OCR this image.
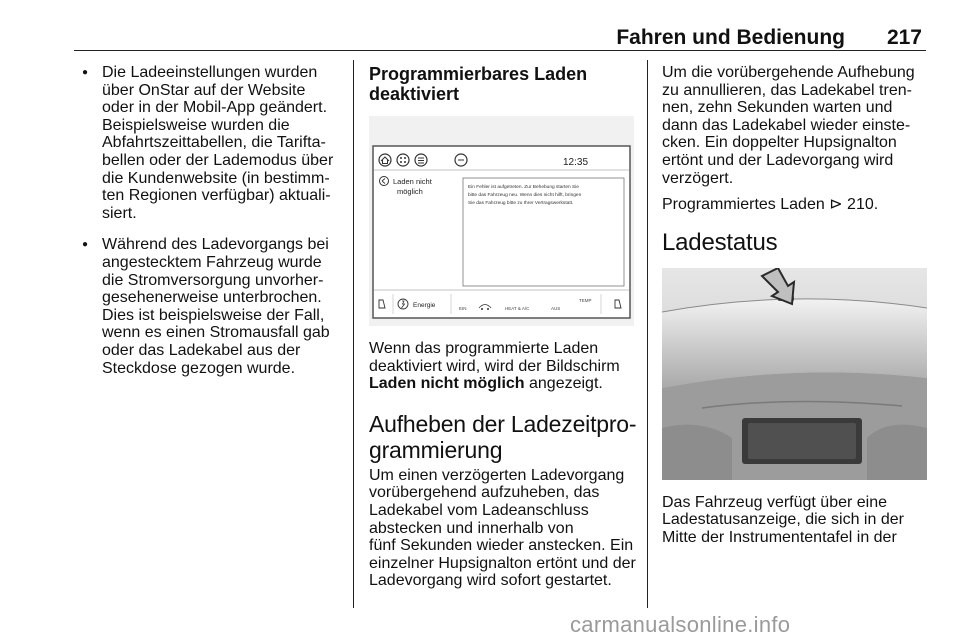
Fahren und Bedienung	217
● Die Ladeeinstellungen wurden
über OnStar auf der Website
oder in der Mobil-App geändert.
Beispielsweise wurden die
Abfahrtszeittabellen, die Tarifta-
bellen oder der Lademodus über
die Kundenwebsite (in bestimm-
ten Regionen verfügbar) aktuali-
siert.
● Während des Ladevorgangs bei
angestecktem Fahrzeug wurde
die Stromversorgung unvorher-
gesehenerweise unterbrochen.
Dies ist beispielsweise der Fall,
wenn es einen Stromausfall gab
oder das Ladekabel aus der
Steckdose gezogen wurde.
Programmierbares Laden
deaktiviert
12:35
Laden nicht
möglich	Ein Fehler ist aufgetreten. Zur Behebung starten Sie
bitte das Fahrzeug neu. Wenn dies nicht hilft, bringen
Sie das Fahrzeug bitte zu Ihrer Vertragswerkstatt.
Energie	EIN	HEAT & A/C	AUS
TEMP

Wenn das programmierte Laden
deaktiviert wird, wird der Bildschirm
Laden nicht möglich angezeigt.

Aufheben der Ladezeitpro-
grammierung

Um einen verzögerten Ladevorgang
vorübergehend aufzuheben, das
Ladekabel vom Ladeanschluss
abstecken und innerhalb von
fünf Sekunden wieder anstecken. Ein
einzelner Hupsignalton ertönt und der
Ladevorgang wird sofort gestartet.

Um die vorübergehende Aufhebung
zu annullieren, das Ladekabel tren-
nen, zehn Sekunden warten und
dann das Ladekabel wieder einste-
cken. Ein doppelter Hupsignalton
ertönt und der Ladevorgang wird
verzögert.

Programmiertes Laden ⊳ 210.

Ladestatus

Das Fahrzeug verfügt über eine
Ladestatusanzeige, die sich in der
Mitte der Instrumententafel in der

carmanualsonline.info
